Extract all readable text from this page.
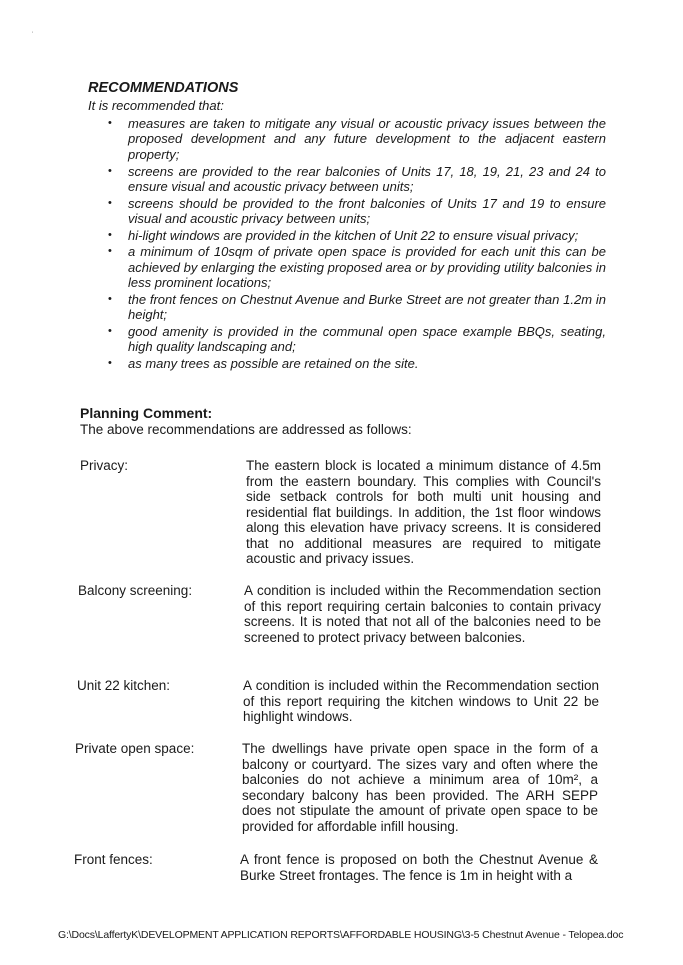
'
RECOMMENDATIONS
It is recommended that:
• measures are taken to mitigate any visual or acoustic privacy issues between the proposed development and any future development to the adjacent eastern property;
• screens are provided to the rear balconies of Units 17, 18, 19, 21, 23 and 24 to ensure visual and acoustic privacy between units;
• screens should be provided to the front balconies of Units 17 and 19 to ensure visual and acoustic privacy between units;
• hi-light windows are provided in the kitchen of Unit 22 to ensure visual privacy;
• a minimum of 10sqm of private open space is provided for each unit this can be achieved by enlarging the existing proposed area or by providing utility balconies in less prominent locations;
• the front fences on Chestnut Avenue and Burke Street are not greater than 1.2m in height;
• good amenity is provided in the communal open space example BBQs, seating, high quality landscaping and;
• as many trees as possible are retained on the site.
Planning Comment:
The above recommendations are addressed as follows:
Privacy:	The eastern block is located a minimum distance of 4.5m from the eastern boundary. This complies with Council's side setback controls for both multi unit housing and residential flat buildings. In addition, the 1st floor windows along this elevation have privacy screens. It is considered that no additional measures are required to mitigate acoustic and privacy issues.
Balcony screening:	A condition is included within the Recommendation section of this report requiring certain balconies to contain privacy screens. It is noted that not all of the balconies need to be screened to protect privacy between balconies.
Unit 22 kitchen:	A condition is included within the Recommendation section of this report requiring the kitchen windows to Unit 22 be highlight windows.
Private open space:	The dwellings have private open space in the form of a balcony or courtyard. The sizes vary and often where the balconies do not achieve a minimum area of 10m², a secondary balcony has been provided. The ARH SEPP does not stipulate the amount of private open space to be provided for affordable infill housing.
Front fences:	A front fence is proposed on both the Chestnut Avenue & Burke Street frontages. The fence is 1m in height with a
G:\Docs\LaffertyK\DEVELOPMENT APPLICATION REPORTS\AFFORDABLE HOUSING\3-5 Chestnut Avenue - Telopea.doc
